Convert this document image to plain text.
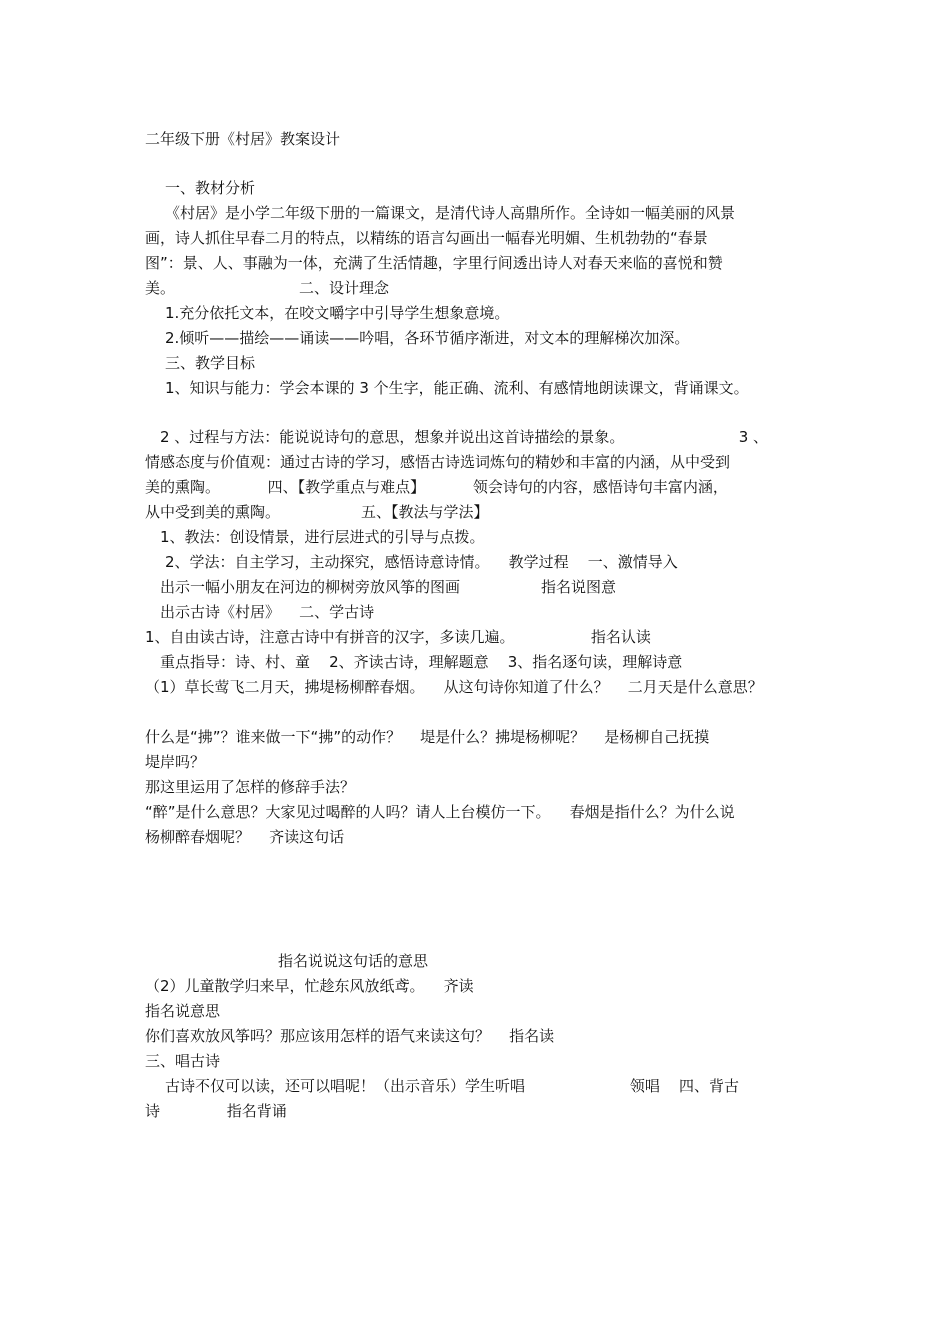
二年级下册《村居》教案设计
一、教材分析
《村居》是小学二年级下册的一篇课文，是清代诗人高鼎所作。全诗如一幅美丽的风景
画，诗人抓住早春二月的特点，以精练的语言勾画出一幅春光明媚、生机勃勃的“春景
图”：景、人、事融为一体，充满了生活情趣，字里行间透出诗人对春天来临的喜悦和赞
美。                          二、设计理念
1.充分依托文本，在咬文嚼字中引导学生想象意境。
2.倾听——描绘——诵读——吟唱，各环节循序渐进，对文本的理解梯次加深。
三、教学目标
1、知识与能力：学会本课的 3 个生字，能正确、流利、有感情地朗读课文，背诵课文。
2 、过程与方法：能说说诗句的意思，想象并说出这首诗描绘的景象。                        3 、
情感态度与价值观：通过古诗的学习，感悟古诗选词炼句的精妙和丰富的内涵，从中受到
美的熏陶。          四、【教学重点与难点】          领会诗句的内容，感悟诗句丰富内涵，
从中受到美的熏陶。                 五、【教法与学法】
1、教法：创设情景，进行层进式的引导与点拨。
2、学法：自主学习，主动探究，感悟诗意诗情。    教学过程    一、激情导入
出示一幅小朋友在河边的柳树旁放风筝的图画                 指名说图意
出示古诗《村居》    二、学古诗
1、自由读古诗，注意古诗中有拼音的汉字，多读几遍。                指名认读
重点指导：诗、村、童    2、齐读古诗，理解题意    3、指名逐句读，理解诗意
（1）草长莺飞二月天，拂堤杨柳醉春烟。    从这句诗你知道了什么？    二月天是什么意思？
什么是“拂”？谁来做一下“拂”的动作？    堤是什么？拂堤杨柳呢？    是杨柳自己抚摸
堤岸吗？
那这里运用了怎样的修辞手法？
“醉”是什么意思？大家见过喝醉的人吗？请人上台模仿一下。    春烟是指什么？为什么说
杨柳醉春烟呢？    齐读这句话
指名说说这句话的意思
（2）儿童散学归来早，忙趁东风放纸鸢。    齐读
指名说意思
你们喜欢放风筝吗？那应该用怎样的语气来读这句？    指名读
三、唱古诗
古诗不仅可以读，还可以唱呢！（出示音乐）学生听唱                      领唱    四、背古
诗              指名背诵
